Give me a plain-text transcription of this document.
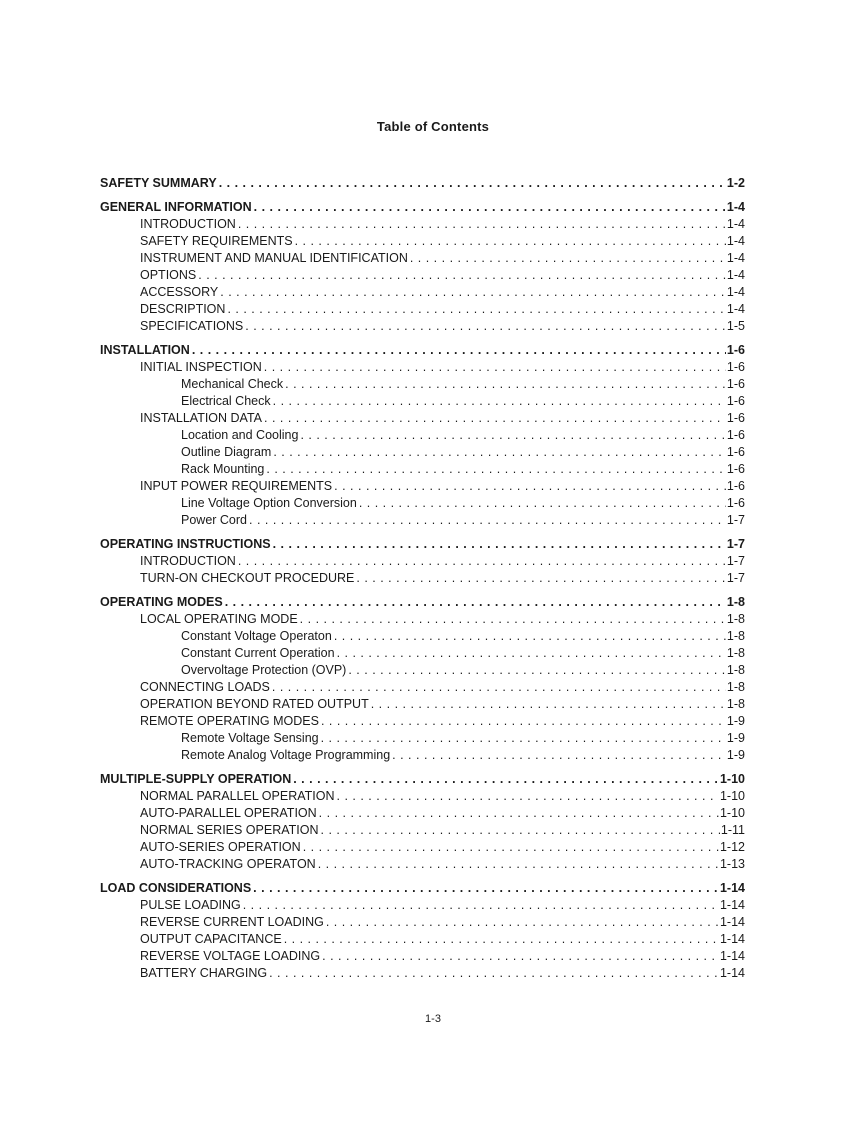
Table of Contents
SAFETY SUMMARY . . .	1-2
GENERAL INFORMATION . . .	1-4
INTRODUCTION . . .	1-4
SAFETY REQUIREMENTS . . .	1-4
INSTRUMENT AND MANUAL IDENTIFICATION . . .	1-4
OPTIONS . . .	1-4
ACCESSORY . . .	1-4
DESCRIPTION . . .	1-4
SPECIFICATIONS . . .	1-5
INSTALLATION . . .	1-6
INITIAL INSPECTION . . .	1-6
Mechanical Check . . .	1-6
Electrical Check . . .	1-6
INSTALLATION DATA . . .	1-6
Location and Cooling . . .	1-6
Outline Diagram . . .	1-6
Rack Mounting . . .	1-6
INPUT POWER REQUIREMENTS . . .	1-6
Line Voltage Option Conversion . . .	1-6
Power Cord . . .	1-7
OPERATING INSTRUCTIONS . . .	1-7
INTRODUCTION . . .	1-7
TURN-ON CHECKOUT PROCEDURE . . .	1-7
OPERATING MODES . . .	1-8
LOCAL OPERATING MODE . . .	1-8
Constant Voltage Operaton . . .	1-8
Constant Current Operation . . .	1-8
Overvoltage Protection (OVP) . . .	1-8
CONNECTING LOADS . . .	1-8
OPERATION BEYOND RATED OUTPUT . . .	1-8
REMOTE OPERATING MODES . . .	1-9
Remote Voltage Sensing . . .	1-9
Remote Analog Voltage Programming . . .	1-9
MULTIPLE-SUPPLY OPERATION . . .	1-10
NORMAL PARALLEL OPERATION . . .	1-10
AUTO-PARALLEL OPERATION . . .	1-10
NORMAL SERIES OPERATION . . .	1-11
AUTO-SERIES OPERATION . . .	1-12
AUTO-TRACKING OPERATON . . .	1-13
LOAD CONSIDERATIONS . . .	1-14
PULSE LOADING . . .	1-14
REVERSE CURRENT LOADING . . .	1-14
OUTPUT CAPACITANCE . . .	1-14
REVERSE VOLTAGE LOADING . . .	1-14
BATTERY CHARGING . . .	1-14
1-3
